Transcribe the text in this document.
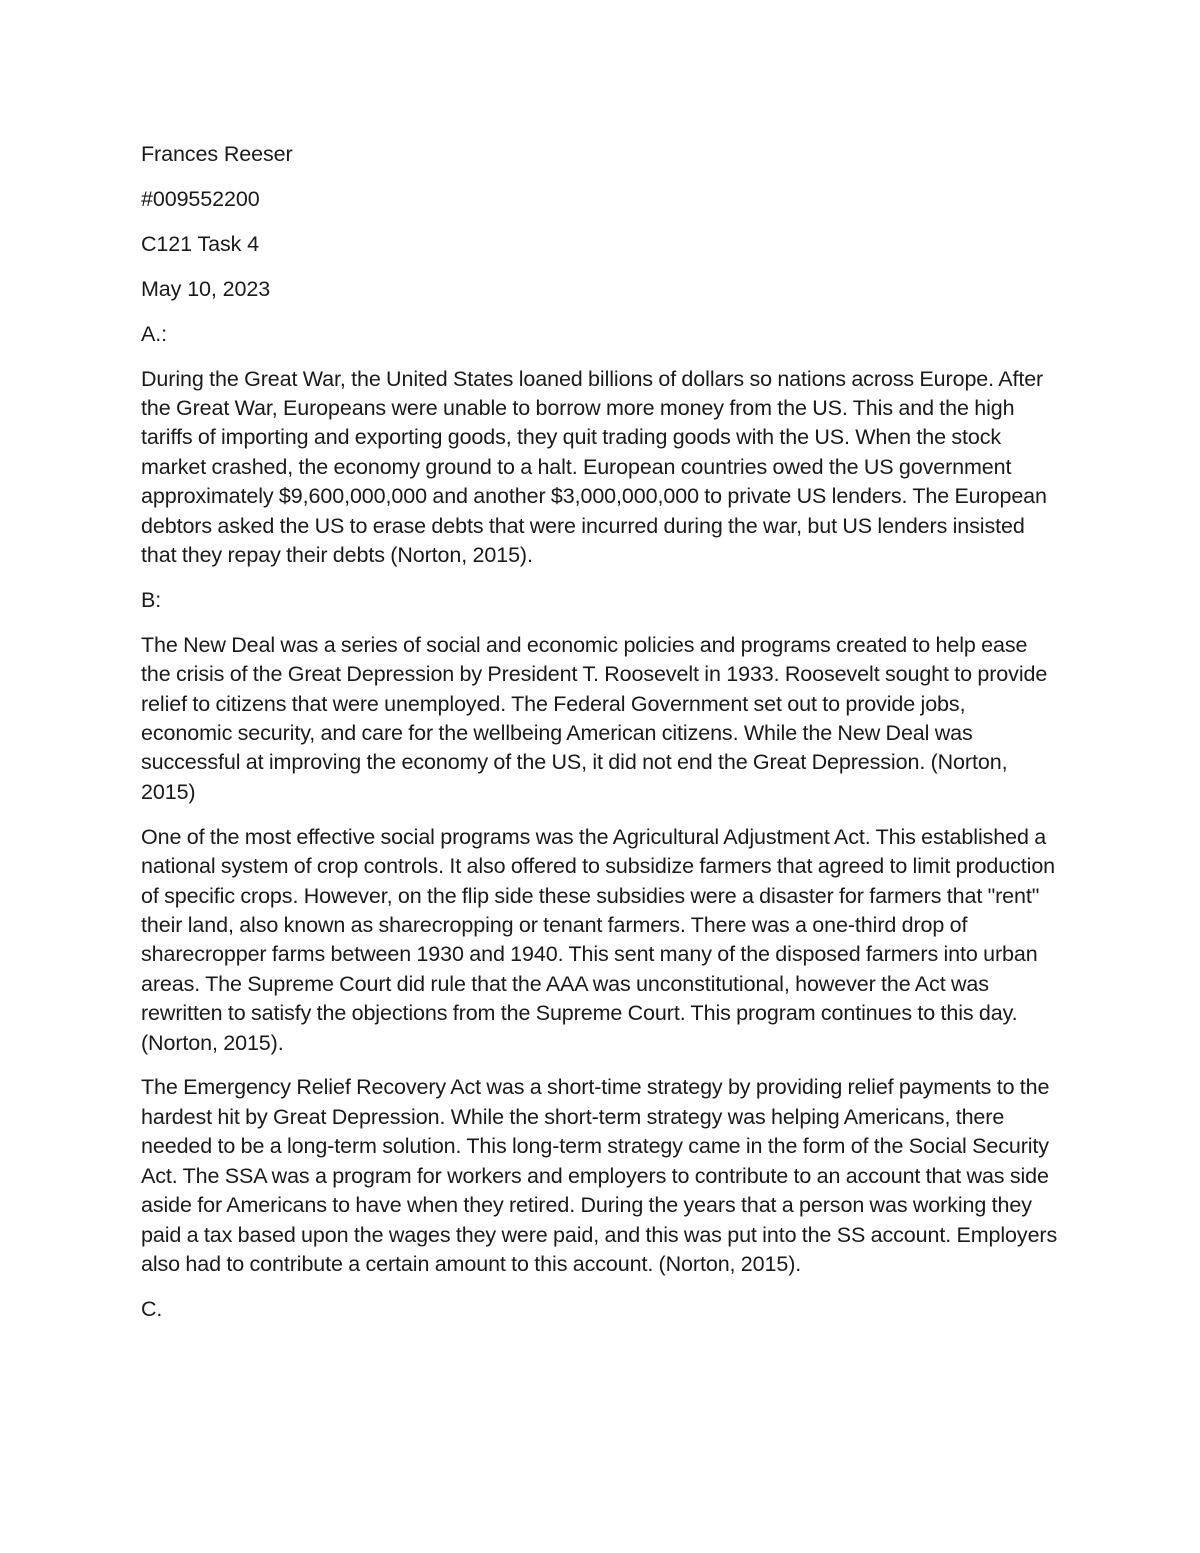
Frances Reeser
#009552200
C121 Task 4
May 10, 2023
A.:

During the Great War, the United States loaned billions of dollars so nations across Europe. After the Great War, Europeans were unable to borrow more money from the US. This and the high tariffs of importing and exporting goods, they quit trading goods with the US. When the stock market crashed, the economy ground to a halt. European countries owed the US government approximately $9,600,000,000 and another $3,000,000,000 to private US lenders. The European debtors asked the US to erase debts that were incurred during the war, but US lenders insisted that they repay their debts (Norton, 2015).

B:

The New Deal was a series of social and economic policies and programs created to help ease the crisis of the Great Depression by President T. Roosevelt in 1933. Roosevelt sought to provide relief to citizens that were unemployed. The Federal Government set out to provide jobs, economic security, and care for the wellbeing American citizens. While the New Deal was successful at improving the economy of the US, it did not end the Great Depression. (Norton, 2015)

One of the most effective social programs was the Agricultural Adjustment Act. This established a national system of crop controls. It also offered to subsidize farmers that agreed to limit production of specific crops. However, on the flip side these subsidies were a disaster for farmers that "rent" their land, also known as sharecropping or tenant farmers. There was a one-third drop of sharecropper farms between 1930 and 1940. This sent many of the disposed farmers into urban areas. The Supreme Court did rule that the AAA was unconstitutional, however the Act was rewritten to satisfy the objections from the Supreme Court. This program continues to this day. (Norton, 2015).

The Emergency Relief Recovery Act was a short-time strategy by providing relief payments to the hardest hit by Great Depression. While the short-term strategy was helping Americans, there needed to be a long-term solution. This long-term strategy came in the form of the Social Security Act. The SSA was a program for workers and employers to contribute to an account that was side aside for Americans to have when they retired. During the years that a person was working they paid a tax based upon the wages they were paid, and this was put into the SS account. Employers also had to contribute a certain amount to this account. (Norton, 2015).

C.
